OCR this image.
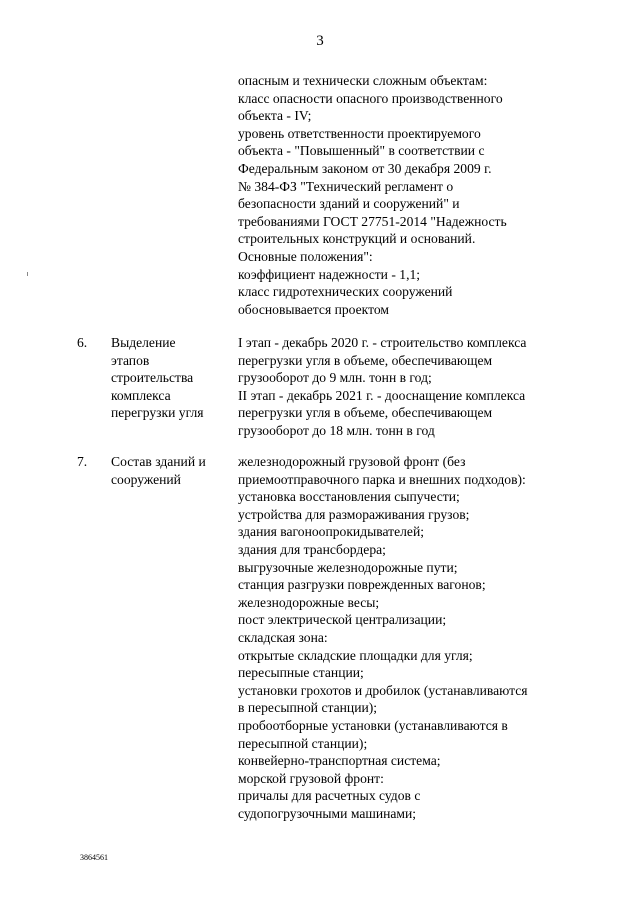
3
опасным и технически сложным объектам:
класс опасности опасного производственного
объекта - IV;
уровень ответственности проектируемого
объекта - "Повышенный" в соответствии с
Федеральным законом от 30 декабря 2009 г.
№ 384-ФЗ "Технический регламент о
безопасности зданий и сооружений" и
требованиями ГОСТ 27751-2014 "Надежность
строительных конструкций и оснований.
Основные положения":
коэффициент надежности - 1,1;
класс гидротехнических сооружений
обосновывается проектом
6. Выделение
этапов
строительства
комплекса
перегрузки угля
I этап - декабрь 2020 г. - строительство комплекса
перегрузки угля в объеме, обеспечивающем
грузооборот до 9 млн. тонн в год;
II этап - декабрь 2021 г. - дооснащение комплекса
перегрузки угля в объеме, обеспечивающем
грузооборот до 18 млн. тонн в год
7. Состав зданий и
сооружений
железнодорожный грузовой фронт (без
приемоотправочного парка и внешних подходов):
установка восстановления сыпучести;
устройства для размораживания грузов;
здания вагоноопрокидывателей;
здания для трансбордера;
выгрузочные железнодорожные пути;
станция разгрузки поврежденных вагонов;
железнодорожные весы;
пост электрической централизации;
складская зона:
открытые складские площадки для угля;
пересыпные станции;
установки грохотов и дробилок (устанавливаются
в пересыпной станции);
пробоотборные установки (устанавливаются в
пересыпной станции);
конвейерно-транспортная система;
морской грузовой фронт:
причалы для расчетных судов с
судопогрузочными машинами;
3864561
